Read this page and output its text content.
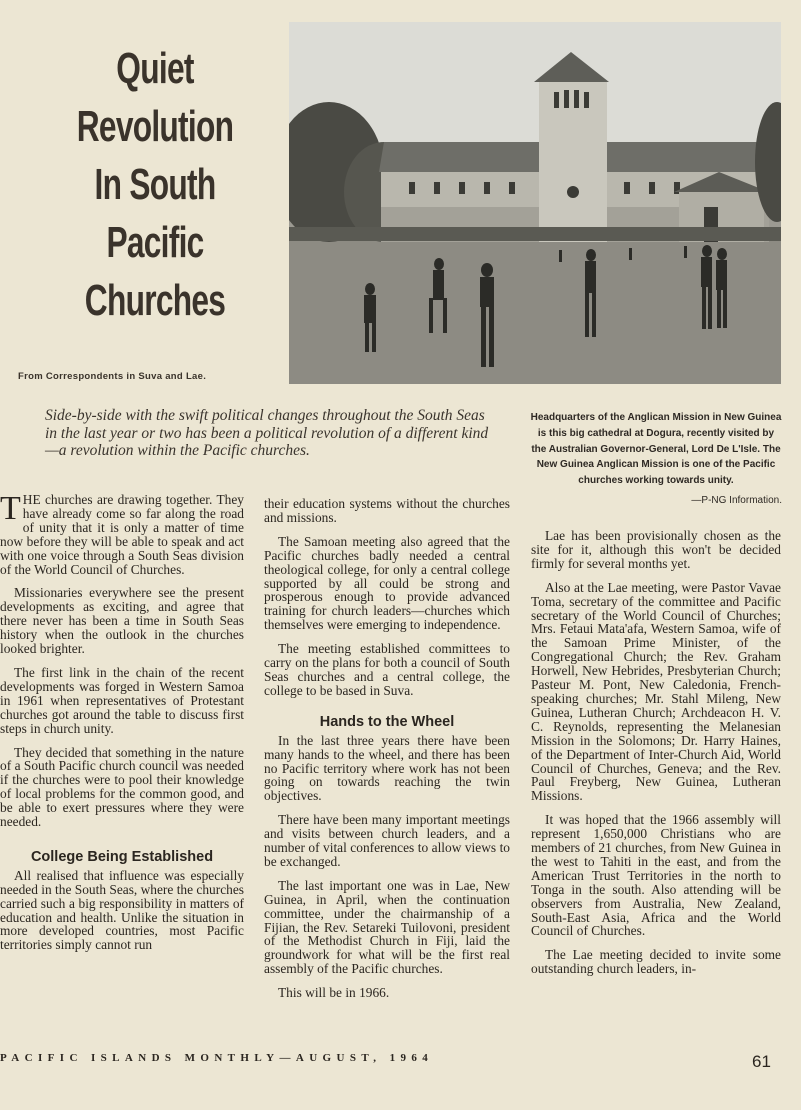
Quiet
Revolution
In South
Pacific
Churches
From Correspondents in Suva and Lae.
Side-by-side with the swift political changes throughout the South Seas in the last year or two has been a political revolution of a different kind—a revolution within the Pacific churches.
Headquarters of the Anglican Mission in New Guinea is this big cathedral at Dogura, recently visited by the Australian Governor-General, Lord De L'Isle. The New Guinea Anglican Mission is one of the Pacific churches working towards unity.
—P-NG Information.

THE churches are drawing together. They have already come so far along the road of unity that it is only a matter of time now before they will be able to speak and act with one voice through a South Seas division of the World Council of Churches.

Missionaries everywhere see the present developments as exciting, and agree that there never has been a time in South Seas history when the outlook in the churches looked brighter.

The first link in the chain of the recent developments was forged in Western Samoa in 1961 when representatives of Protestant churches got around the table to discuss first steps in church unity.

They decided that something in the nature of a South Pacific church council was needed if the churches were to pool their knowledge of local problems for the common good, and be able to exert pressures where they were needed.

College Being Established

All realised that influence was especially needed in the South Seas, where the churches carried such a big responsibility in matters of education and health. Unlike the situation in more developed countries, most Pacific territories simply cannot run

their education systems without the churches and missions.

The Samoan meeting also agreed that the Pacific churches badly needed a central theological college, for only a central college supported by all could be strong and prosperous enough to provide advanced training for church leaders—churches which themselves were emerging to independence.

The meeting established committees to carry on the plans for both a council of South Seas churches and a central college, the college to be based in Suva.

Hands to the Wheel

In the last three years there have been many hands to the wheel, and there has been no Pacific territory where work has not been going on towards reaching the twin objectives.

There have been many important meetings and visits between church leaders, and a number of vital conferences to allow views to be exchanged.

The last important one was in Lae, New Guinea, in April, when the continuation committee, under the chairmanship of a Fijian, the Rev. Setareki Tuilovoni, president of the Methodist Church in Fiji, laid the groundwork for what will be the first real assembly of the Pacific churches.

This will be in 1966.

Lae has been provisionally chosen as the site for it, although this won't be decided firmly for several months yet.

Also at the Lae meeting, were Pastor Vavae Toma, secretary of the committee and Pacific secretary of the World Council of Churches; Mrs. Fetaui Mata'afa, Western Samoa, wife of the Samoan Prime Minister, of the Congregational Church; the Rev. Graham Horwell, New Hebrides, Presbyterian Church; Pasteur M. Pont, New Caledonia, French-speaking churches; Mr. Stahl Mileng, New Guinea, Lutheran Church; Archdeacon H. V. C. Reynolds, representing the Melanesian Mission in the Solomons; Dr. Harry Haines, of the Department of Inter-Church Aid, World Council of Churches, Geneva; and the Rev. Paul Freyberg, New Guinea, Lutheran Missions.

It was hoped that the 1966 assembly will represent 1,650,000 Christians who are members of 21 churches, from New Guinea in the west to Tahiti in the east, and from the American Trust Territories in the north to Tonga in the south. Also attending will be observers from Australia, New Zealand, South-East Asia, Africa and the World Council of Churches.

The Lae meeting decided to invite some outstanding church leaders, in-

PACIFIC ISLANDS MONTHLY—AUGUST, 1964	61
